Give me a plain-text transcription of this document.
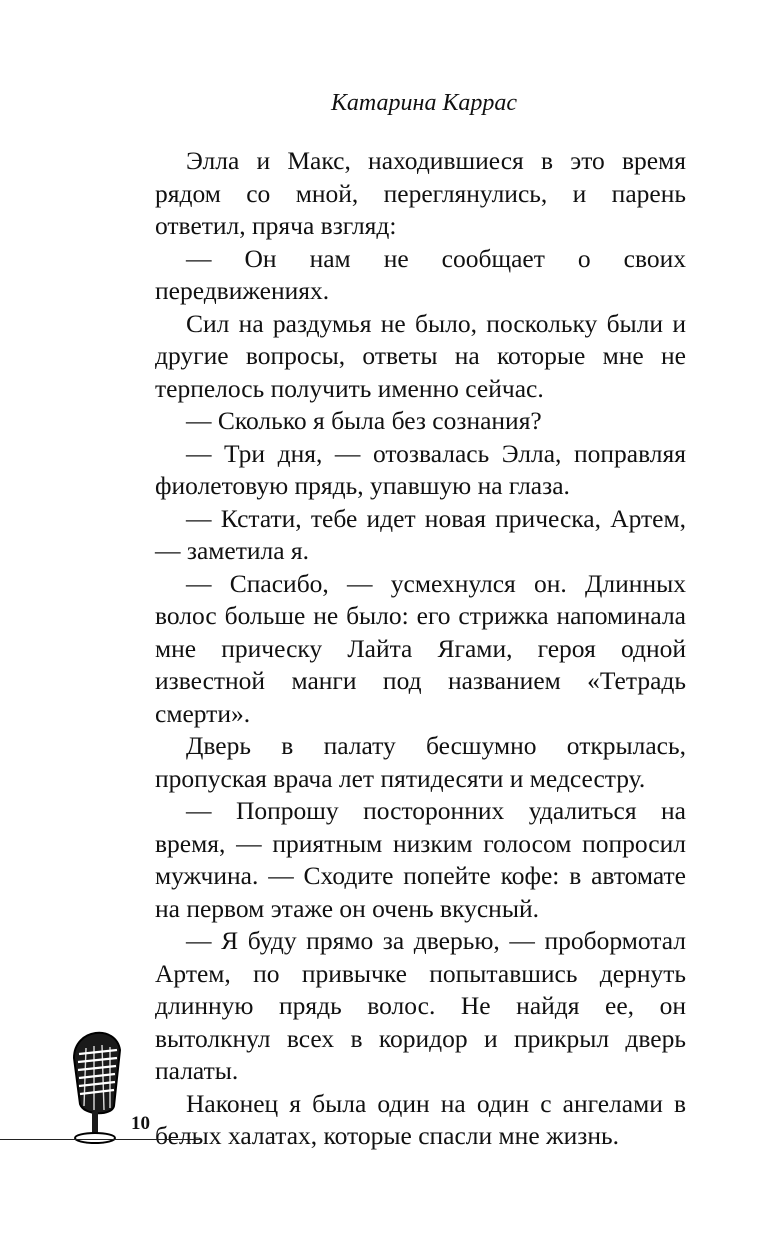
Катарина Каррас

Элла и Макс, находившиеся в это время рядом со мной, переглянулись, и парень ответил, пряча взгляд:

— Он нам не сообщает о своих передвижениях.

Сил на раздумья не было, поскольку были и другие вопросы, ответы на которые мне не терпелось получить именно сейчас.

— Сколько я была без сознания?

— Три дня, — отозвалась Элла, поправляя фиолетовую прядь, упавшую на глаза.

— Кстати, тебе идет новая прическа, Артем, — заметила я.

— Спасибо, — усмехнулся он. Длинных волос больше не было: его стрижка напоминала мне прическу Лайта Ягами, героя одной известной манги под названием «Тетрадь смерти».

Дверь в палату бесшумно открылась, пропуская врача лет пятидесяти и медсестру.

— Попрошу посторонних удалиться на время, — приятным низким голосом попросил мужчина. — Сходите попейте кофе: в автомате на первом этаже он очень вкусный.

— Я буду прямо за дверью, — пробормотал Артем, по привычке попытавшись дернуть длинную прядь волос. Не найдя ее, он вытолкнул всех в коридор и прикрыл дверь палаты.

Наконец я была один на один с ангелами в белых халатах, которые спасли мне жизнь.

10
